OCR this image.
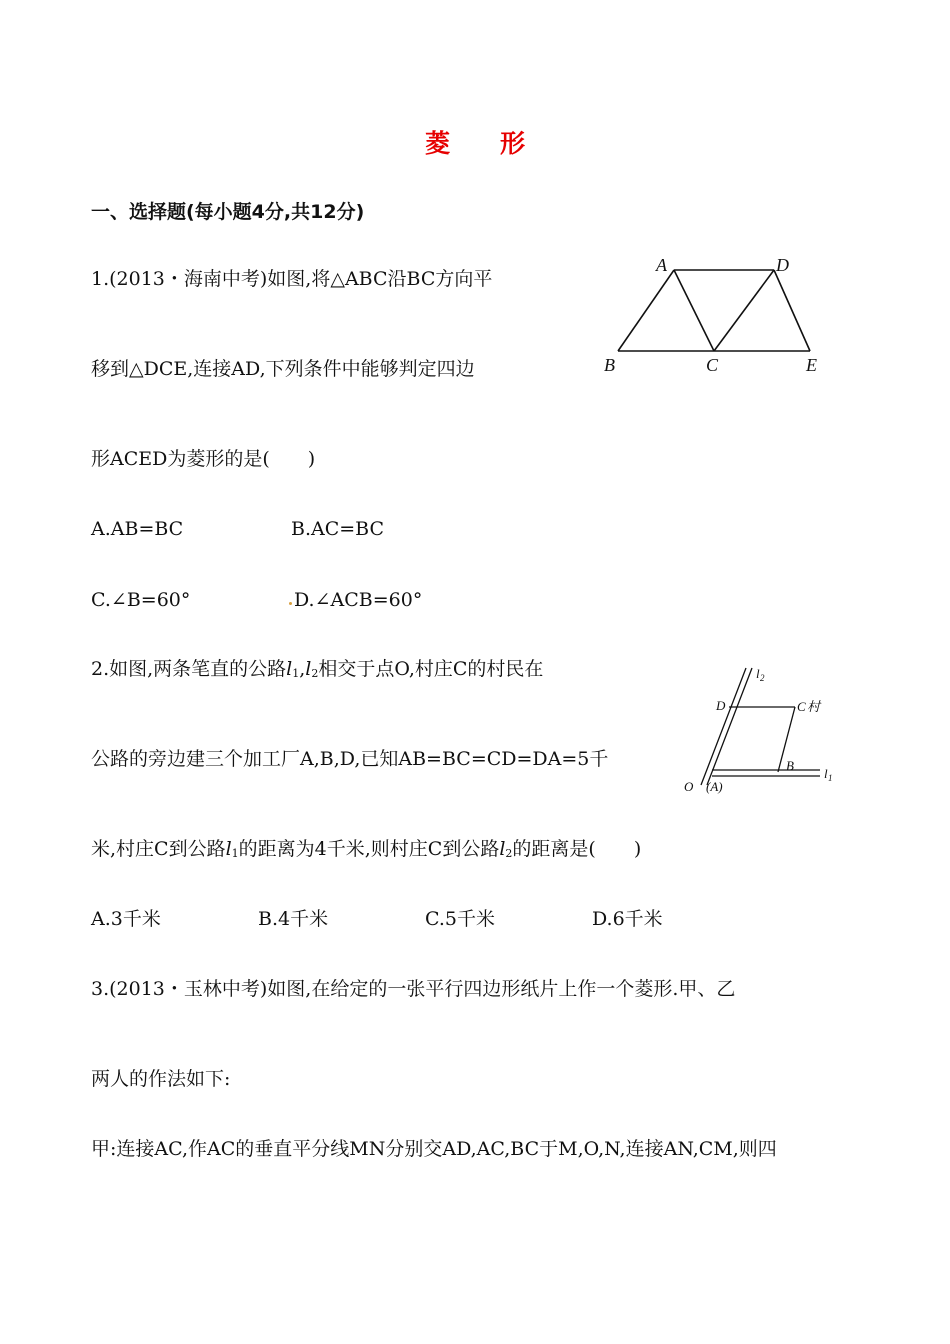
菱 形
一、选择题(每小题4分,共12分)
1.(2013・海南中考)如图,将△ABC沿BC方向平
移到△DCE,连接AD,下列条件中能够判定四边
形ACED为菱形的是( )
A	D
B	C	E
A.AB=BC	B.AC=BC
C.∠B=60°	D.∠ACB=60°
2.如图,两条笔直的公路l1,l2相交于点O,村庄C的村民在
公路的旁边建三个加工厂A,B,D,已知AB=BC=CD=DA=5千
米,村庄C到公路l1的距离为4千米,则村庄C到公路l2的距离是( )
l 2
D	C 村
B
l 1
O (A)
A.3千米	B.4千米	C.5千米	D.6千米
3.(2013・玉林中考)如图,在给定的一张平行四边形纸片上作一个菱形.甲、乙
两人的作法如下:
甲:连接AC,作AC的垂直平分线MN分别交AD,AC,BC于M,O,N,连接AN,CM,则四
